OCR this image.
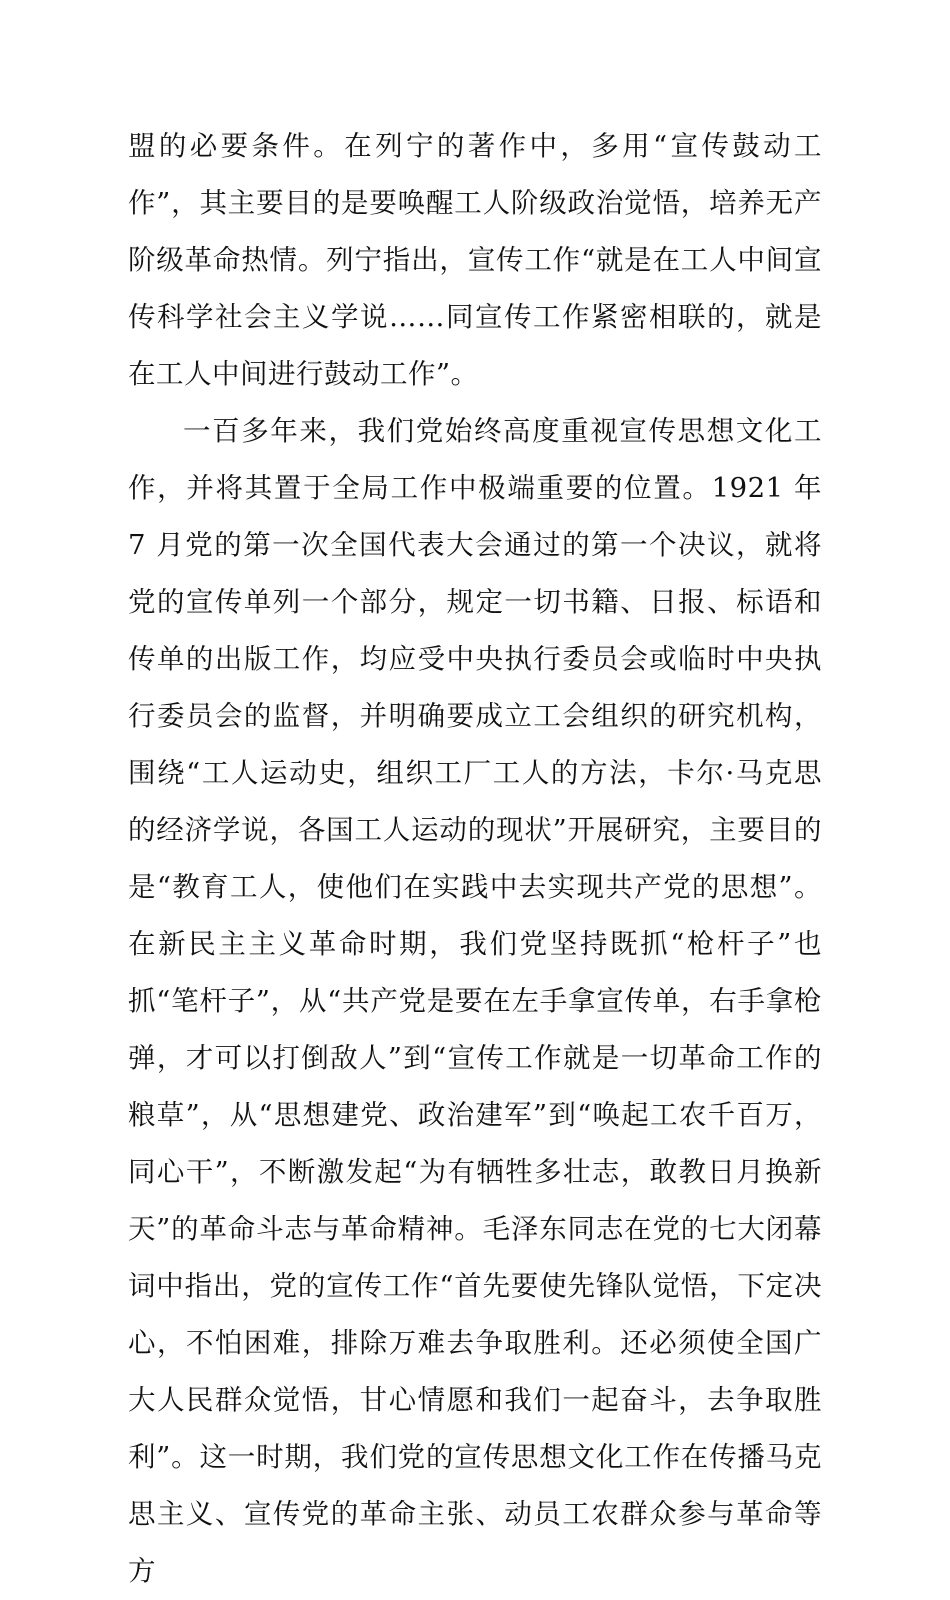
盟的必要条件。在列宁的著作中，多用“宣传鼓动工作”，其主要目的是要唤醒工人阶级政治觉悟，培养无产阶级革命热情。列宁指出，宣传工作“就是在工人中间宣传科学社会主义学说……同宣传工作紧密相联的，就是在工人中间进行鼓动工作”。

一百多年来，我们党始终高度重视宣传思想文化工作，并将其置于全局工作中极端重要的位置。1921 年 7 月党的第一次全国代表大会通过的第一个决议，就将党的宣传单列一个部分，规定一切书籍、日报、标语和传单的出版工作，均应受中央执行委员会或临时中央执行委员会的监督，并明确要成立工会组织的研究机构，围绕“工人运动史，组织工厂工人的方法，卡尔·马克思的经济学说，各国工人运动的现状”开展研究，主要目的是“教育工人，使他们在实践中去实现共产党的思想”。在新民主主义革命时期，我们党坚持既抓“枪杆子”也抓“笔杆子”，从“共产党是要在左手拿宣传单，右手拿枪弹，才可以打倒敌人”到“宣传工作就是一切革命工作的粮草”，从“思想建党、政治建军”到“唤起工农千百万，同心干”，不断激发起“为有牺牲多壮志，敢教日月换新天”的革命斗志与革命精神。毛泽东同志在党的七大闭幕词中指出，党的宣传工作“首先要使先锋队觉悟，下定决心，不怕困难，排除万难去争取胜利。还必须使全国广大人民群众觉悟，甘心情愿和我们一起奋斗，去争取胜利”。这一时期，我们党的宣传思想文化工作在传播马克思主义、宣传党的革命主张、动员工农群众参与革命等方
